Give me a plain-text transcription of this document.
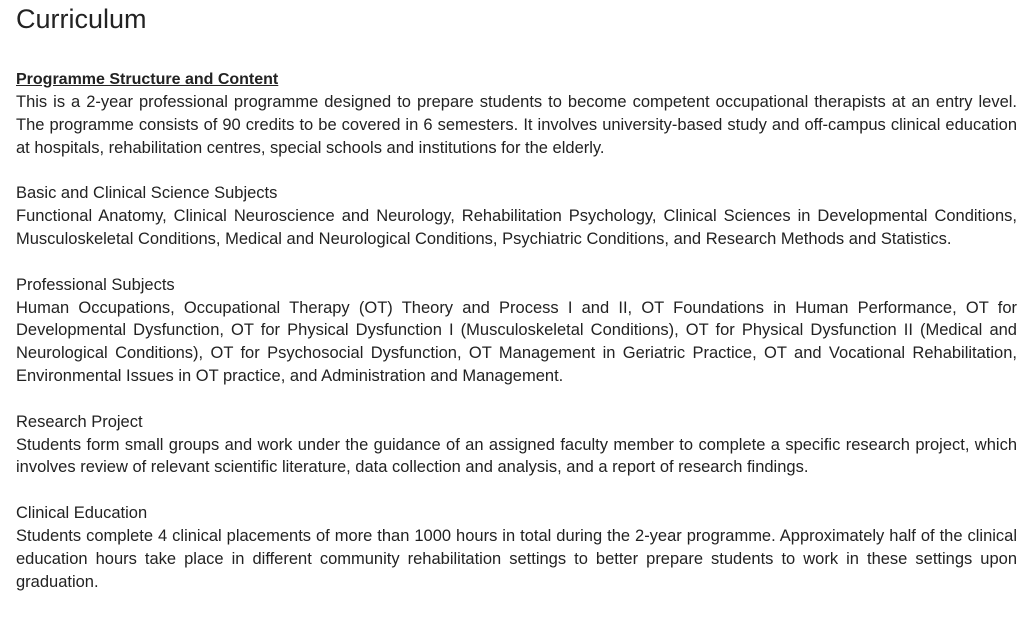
Curriculum
Programme Structure and Content

This is a 2-year professional programme designed to prepare students to become competent occupational therapists at an entry level. The programme consists of 90 credits to be covered in 6 semesters. It involves university-based study and off-campus clinical education at hospitals, rehabilitation centres, special schools and institutions for the elderly.

Basic and Clinical Science Subjects

Functional Anatomy, Clinical Neuroscience and Neurology, Rehabilitation Psychology, Clinical Sciences in Developmental Conditions, Musculoskeletal Conditions, Medical and Neurological Conditions, Psychiatric Conditions, and Research Methods and Statistics.

Professional Subjects

Human Occupations, Occupational Therapy (OT) Theory and Process I and II, OT Foundations in Human Performance, OT for Developmental Dysfunction, OT for Physical Dysfunction I (Musculoskeletal Conditions), OT for Physical Dysfunction II (Medical and Neurological Conditions), OT for Psychosocial Dysfunction, OT Management in Geriatric Practice, OT and Vocational Rehabilitation, Environmental Issues in OT practice, and Administration and Management.

Research Project

Students form small groups and work under the guidance of an assigned faculty member to complete a specific research project, which involves review of relevant scientific literature, data collection and analysis, and a report of research findings.

Clinical Education

Students complete 4 clinical placements of more than 1000 hours in total during the 2-year programme. Approximately half of the clinical education hours take place in different community rehabilitation settings to better prepare students to work in these settings upon graduation.
